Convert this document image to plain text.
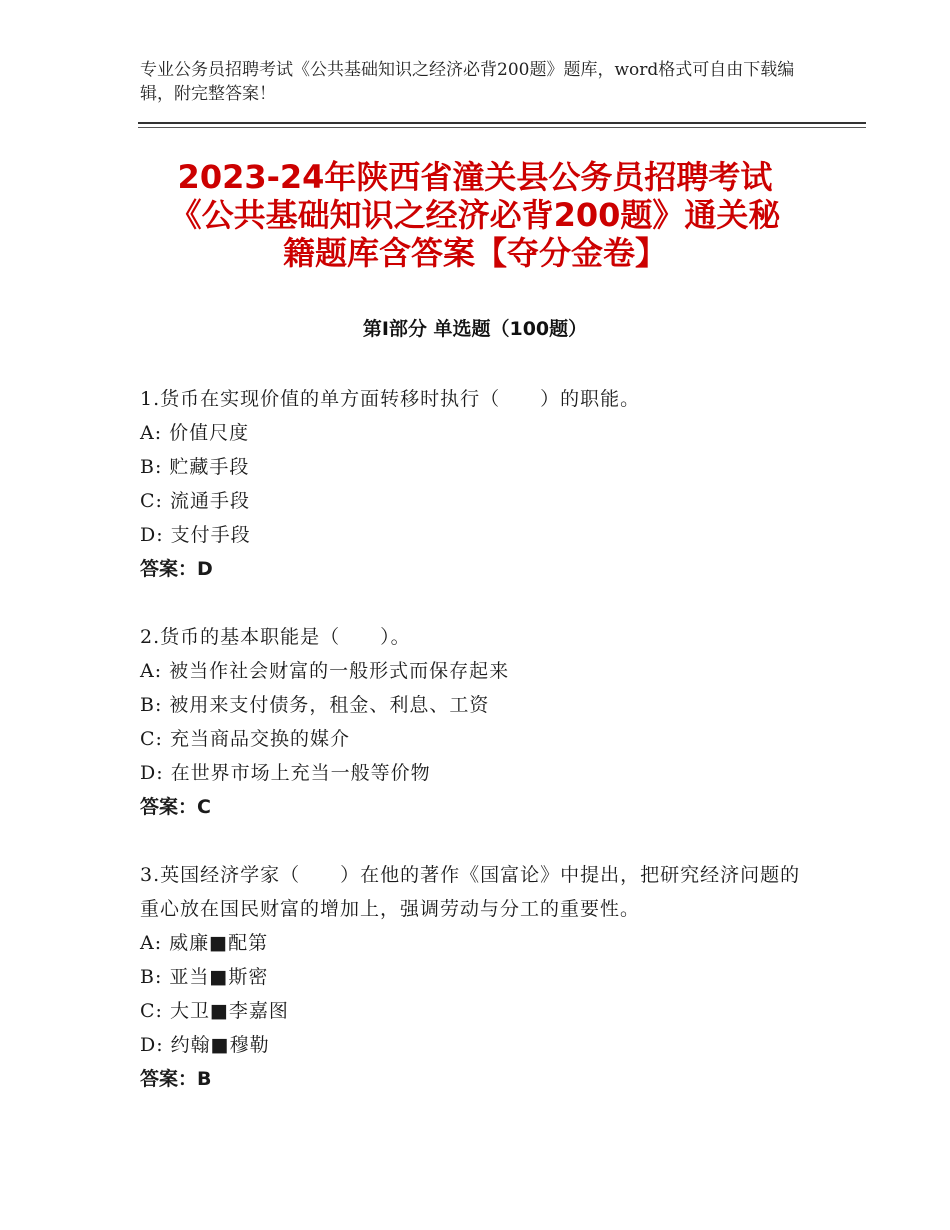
专业公务员招聘考试《公共基础知识之经济必背200题》题库，word格式可自由下载编辑，附完整答案！
2023-24年陕西省潼关县公务员招聘考试
《公共基础知识之经济必背200题》通关秘
籍题库含答案【夺分金卷】
第Ⅰ部分 单选题（100题）
1.货币在实现价值的单方面转移时执行（　　）的职能。
A: 价值尺度
B: 贮藏手段
C: 流通手段
D: 支付手段
答案：D
2.货币的基本职能是（　　）。
A: 被当作社会财富的一般形式而保存起来
B: 被用来支付债务，租金、利息、工资
C: 充当商品交换的媒介
D: 在世界市场上充当一般等价物
答案：C
3.英国经济学家（　　）在他的著作《国富论》中提出，把研究经济问题的重心放在国民财富的增加上，强调劳动与分工的重要性。
A: 威廉■配第
B: 亚当■斯密
C: 大卫■李嘉图
D: 约翰■穆勒
答案：B
